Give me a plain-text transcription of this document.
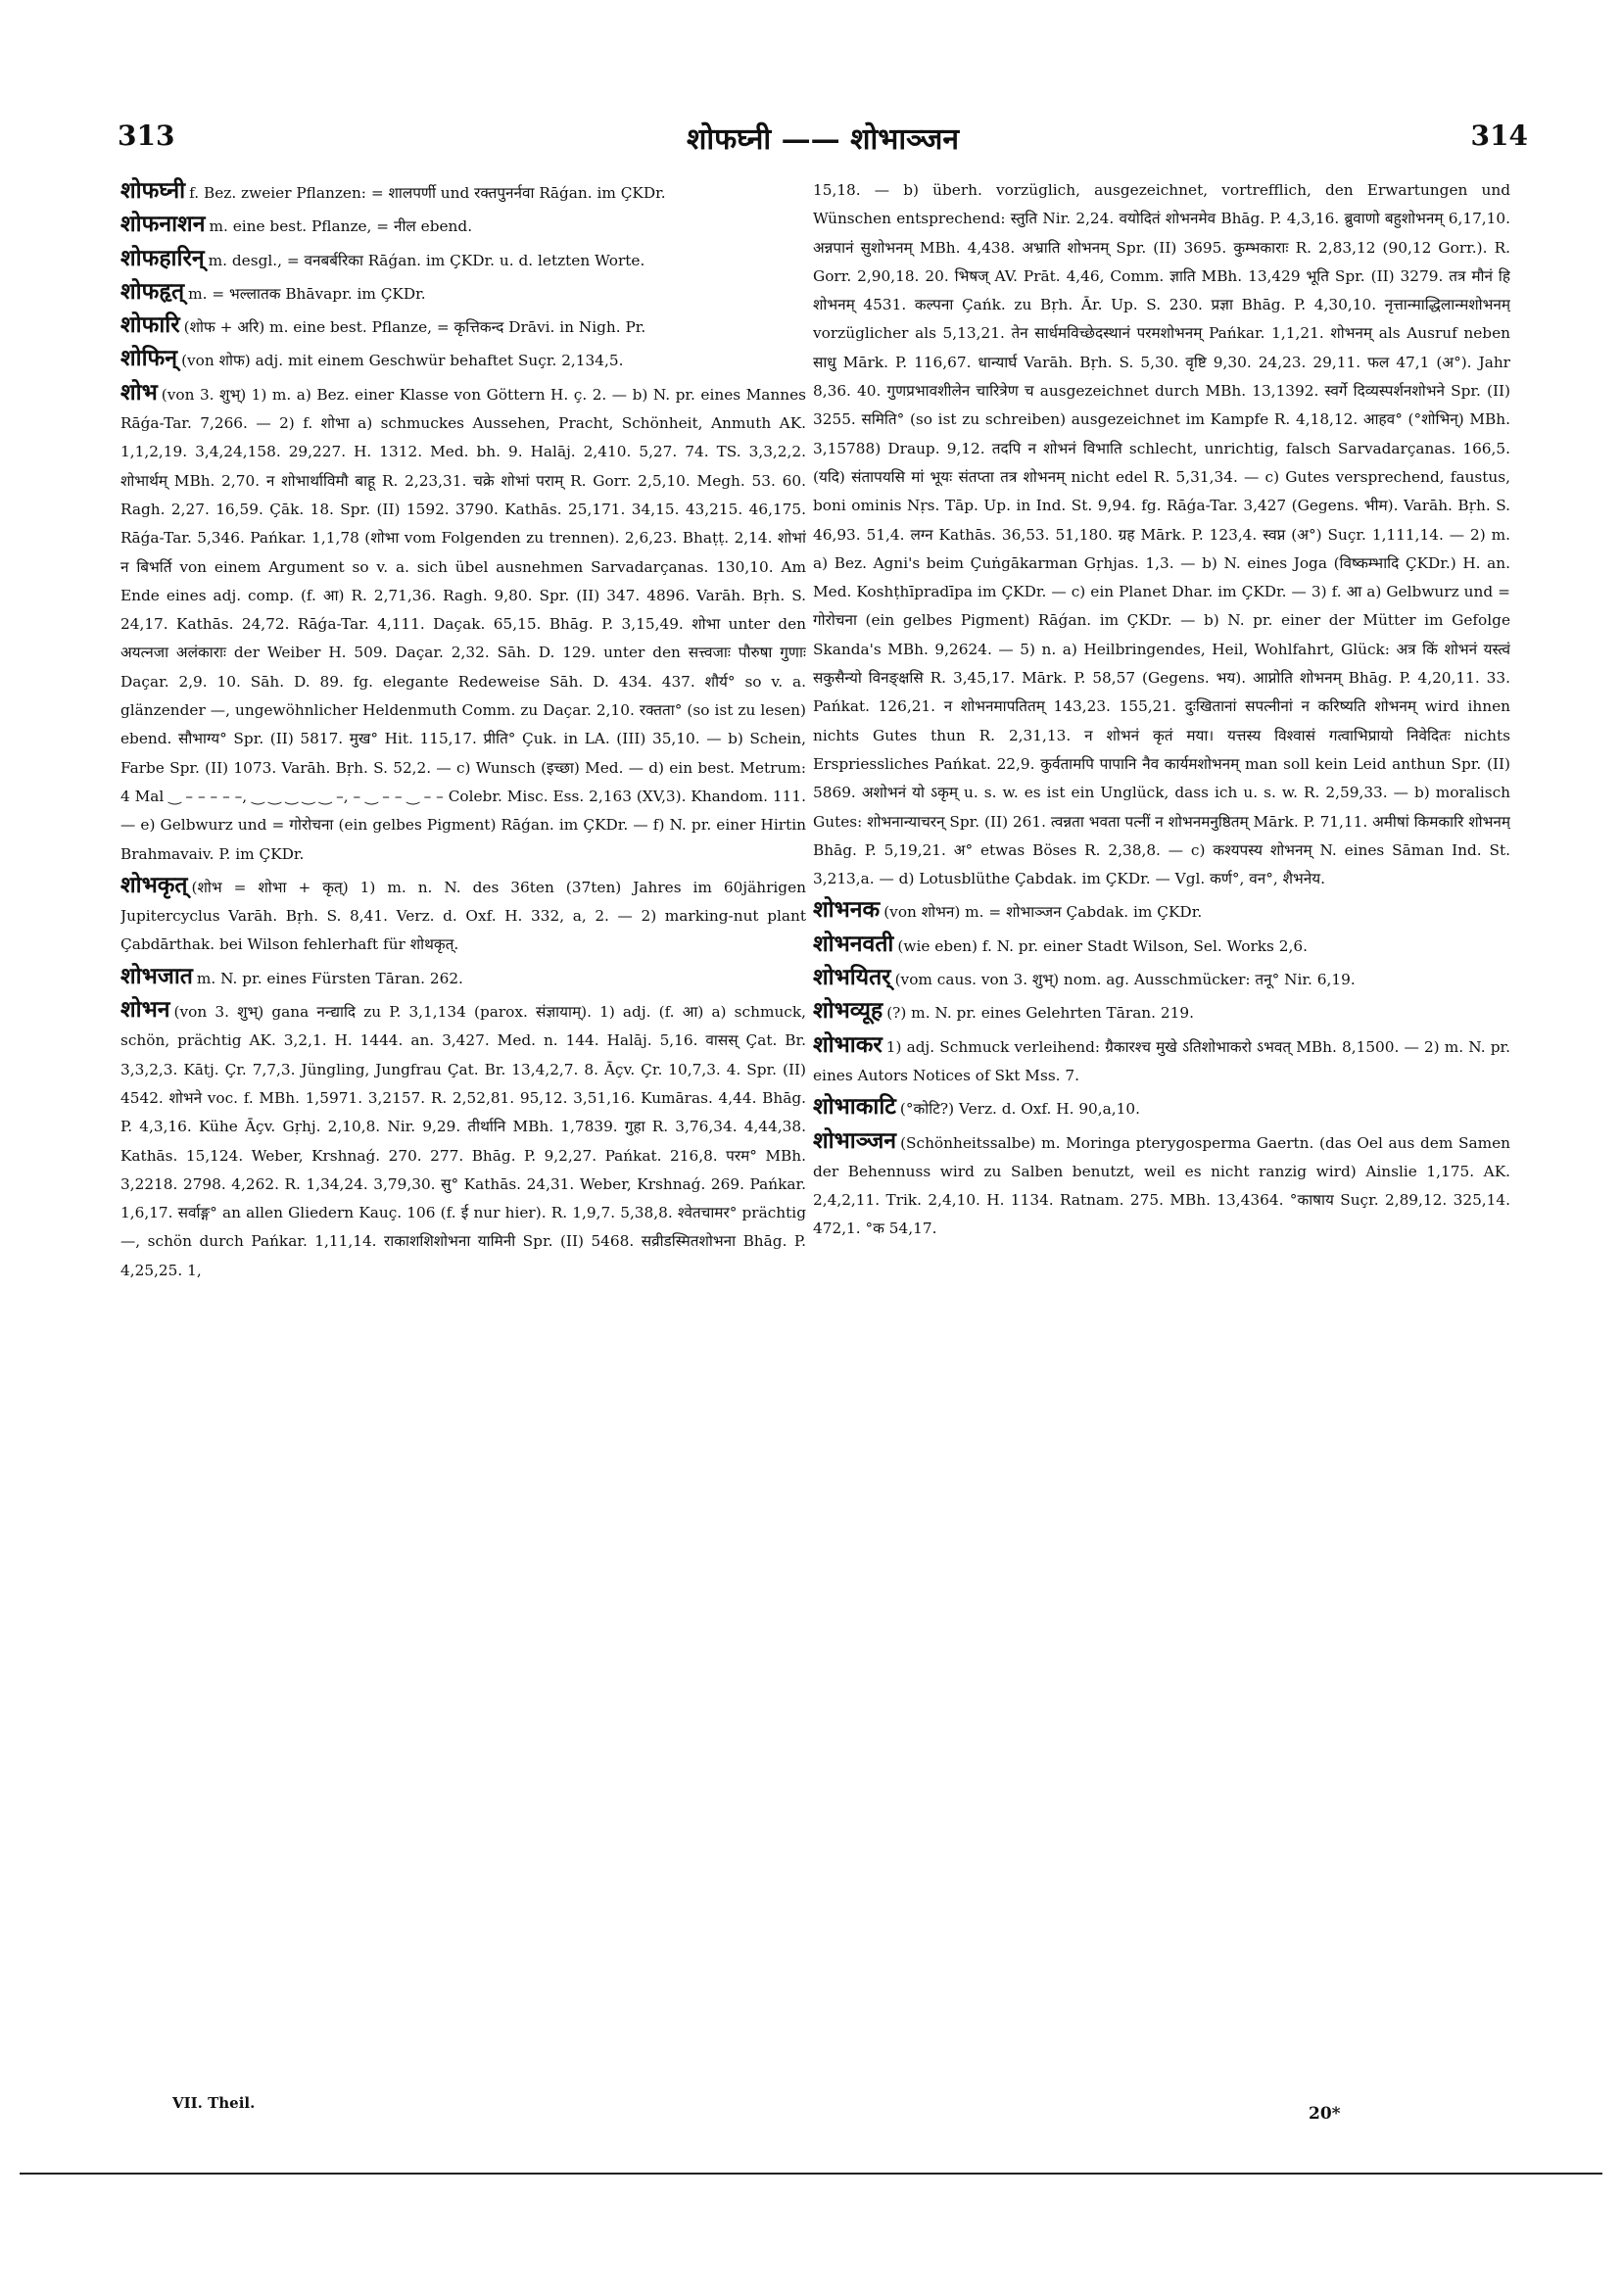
313	शोफघ्नी —— शोभाञ्जन	314

शोफघ्नी f. Bez. zweier Pflanzen: = शालपर्णी und रक्तपुनर्नवा Rāǵan. im ÇKDr.

शोफनाशन m. eine best. Pflanze, = नील ebend.

शोफहारिन् m. desgl., = वनबर्बरिका Rāǵan. im ÇKDr. u. d. letzten Worte.

शोफहृत् m. = भल्लातक Bhāvapr. im ÇKDr.

शोफारि (शोफ + अरि) m. eine best. Pflanze, = कृत्तिकन्द Drāvi. in Nigh. Pr.

शोफिन् (von शोफ) adj. mit einem Geschwür behaftet Suçr. 2,134,5.

शोभ (von 3. शुभ्) 1) m. a) Bez. einer Klasse von Göttern H. ç. 2. — b) N. pr. eines Mannes Rāǵa-Tar. 7,266. — 2) f. शोभा a) schmuckes Aussehen, Pracht, Schönheit, Anmuth AK. 1,1,2,19. 3,4,24,158. 29,227. H. 1312. Med. bh. 9. Halāj. 2,410. 5,27. 74. TS. 3,3,2,2. शोभार्थम् MBh. 2,70. न शोभार्थाविमौ बाहू R. 2,23,31. चक्रे शोभां पराम् R. Gorr. 2,5,10. Megh. 53. 60. Ragh. 2,27. 16,59. Çāk. 18. Spr. (II) 1592. 3790. Kathās. 25,171. 34,15. 43,215. 46,175. Rāǵa-Tar. 5,346. Pańkar. 1,1,78 (शोभा vom Folgenden zu trennen). 2,6,23. Bhaṭṭ. 2,14. शोभां न बिभर्ति von einem Argument so v. a. sich übel ausnehmen Sarvadarçanas. 130,10. Am Ende eines adj. comp. (f. आ) R. 2,71,36. Ragh. 9,80. Spr. (II) 347. 4896. Varāh. Bṛh. S. 24,17. Kathās. 24,72. Rāǵa-Tar. 4,111. Daçak. 65,15. Bhāg. P. 3,15,49. शोभा unter den अयत्नजा अलंकाराः der Weiber H. 509. Daçar. 2,32. Sāh. D. 129. unter den सत्त्वजाः पौरुषा गुणाः Daçar. 2,9. 10. Sāh. D. 89. fg. elegante Redeweise Sāh. D. 434. 437. शौर्य° so v. a. glänzender —, ungewöhnlicher Heldenmuth Comm. zu Daçar. 2,10. रक्तता° (so ist zu lesen) ebend. सौभाग्य° Spr. (II) 5817. मुख° Hit. 115,17. प्रीति° Çuk. in LA. (III) 35,10. — b) Schein, Farbe Spr. (II) 1073. Varāh. Bṛh. S. 52,2. — c) Wunsch (इच्छा) Med. — d) ein best. Metrum: 4 Mal ‿ – – – – –, ‿ ‿ ‿ ‿ ‿ –, – ‿ – – ‿ – – Colebr. Misc. Ess. 2,163 (XV,3). Khandom. 111. — e) Gelbwurz und = गोरोचना (ein gelbes Pigment) Rāǵan. im ÇKDr. — f) N. pr. einer Hirtin Brahmavaiv. P. im ÇKDr.

शोभकृत् (शोभ = शोभा + कृत्) 1) m. n. N. des 36ten (37ten) Jahres im 60jährigen Jupitercyclus Varāh. Bṛh. S. 8,41. Verz. d. Oxf. H. 332, a, 2. — 2) marking-nut plant Çabdārthak. bei Wilson fehlerhaft für शोथकृत्.

शोभजात m. N. pr. eines Fürsten Tāran. 262.

शोभन (von 3. शुभ्) gana नन्द्यादि zu P. 3,1,134 (parox. संज्ञायाम्). 1) adj. (f. आ) a) schmuck, schön, prächtig AK. 3,2,1. H. 1444. an. 3,427. Med. n. 144. Halāj. 5,16. वासस् Çat. Br. 3,3,2,3. Kātj. Çr. 7,7,3. Jüngling, Jungfrau Çat. Br. 13,4,2,7. 8. Āçv. Çr. 10,7,3. 4. Spr. (II) 4542. शोभने voc. f. MBh. 1,5971. 3,2157. R. 2,52,81. 95,12. 3,51,16. Kumāras. 4,44. Bhāg. P. 4,3,16. Kühe Āçv. Gṛhj. 2,10,8. Nir. 9,29. तीर्थानि MBh. 1,7839. गुहा R. 3,76,34. 4,44,38. Kathās. 15,124. Weber, Krshnaǵ. 270. 277. Bhāg. P. 9,2,27. Pańkat. 216,8. परम° MBh. 3,2218. 2798. 4,262. R. 1,34,24. 3,79,30. सु° Kathās. 24,31. Weber, Krshnaǵ. 269. Pańkar. 1,6,17. सर्वाङ्ग° an allen Gliedern Kauç. 106 (f. ई nur hier). R. 1,9,7. 5,38,8. श्वेतचामर° prächtig —, schön durch Pańkar. 1,11,14. राकाशशिशोभना यामिनी Spr. (II) 5468. सव्रीडस्मितशोभना Bhāg. P. 4,25,25. 1,

15,18. — b) überh. vorzüglich, ausgezeichnet, vortrefflich, den Erwartungen und Wünschen entsprechend: स्तुति Nir. 2,24. वयोदितं शोभनमेव Bhāg. P. 4,3,16. ब्रुवाणो बहुशोभनम् 6,17,10. अन्नपानं सुशोभनम् MBh. 4,438. अभ्राति शोभनम् Spr. (II) 3695. कुम्भकाराः R. 2,83,12 (90,12 Gorr.). R. Gorr. 2,90,18. 20. भिषज् AV. Prāt. 4,46, Comm. ज्ञाति MBh. 13,429 भूति Spr. (II) 3279. तत्र मौनं हि शोभनम् 4531. कल्पना Çańk. zu Bṛh. Ār. Up. S. 230. प्रज्ञा Bhāg. P. 4,30,10. नृत्तान्माद्धिलान्मशोभनम् vorzüglicher als 5,13,21. तेन सार्धमविच्छेदस्थानं परमशोभनम् Pańkar. 1,1,21. शोभनम् als Ausruf neben साधु Mārk. P. 116,67. धान्यार्घ Varāh. Bṛh. S. 5,30. वृष्टि 9,30. 24,23. 29,11. फल 47,1 (अ°). Jahr 8,36. 40. गुणप्रभावशीलेन चारित्रेण च ausgezeichnet durch MBh. 13,1392. स्वर्गे दिव्यस्पर्शनशोभने Spr. (II) 3255. समिति° (so ist zu schreiben) ausgezeichnet im Kampfe R. 4,18,12. आहव° (°शोभिन्) MBh. 3,15788) Draup. 9,12. तदपि न शोभनं विभाति schlecht, unrichtig, falsch Sarvadarçanas. 166,5. (यदि) संतापयसि मां भूयः संतप्ता तत्र शोभनम् nicht edel R. 5,31,34. — c) Gutes versprechend, faustus, boni ominis Nṛs. Tāp. Up. in Ind. St. 9,94. fg. Rāǵa-Tar. 3,427 (Gegens. भीम). Varāh. Bṛh. S. 46,93. 51,4. लग्न Kathās. 36,53. 51,180. ग्रह Mārk. P. 123,4. स्वप्न (अ°) Suçr. 1,111,14. — 2) m. a) Bez. Agni's beim Çuṅgākarman Gṛhjas. 1,3. — b) N. eines Joga (विष्कम्भादि ÇKDr.) H. an. Med. Koshṭhīpradīpa im ÇKDr. — c) ein Planet Dhar. im ÇKDr. — 3) f. आ a) Gelbwurz und = गोरोचना (ein gelbes Pigment) Rāǵan. im ÇKDr. — b) N. pr. einer der Mütter im Gefolge Skanda's MBh. 9,2624. — 5) n. a) Heilbringendes, Heil, Wohlfahrt, Glück: अत्र किं शोभनं यस्त्वं सकुसैन्यो विनङ्क्षसि R. 3,45,17. Mārk. P. 58,57 (Gegens. भय). आप्नोति शोभनम् Bhāg. P. 4,20,11. 33. Pańkat. 126,21. न शोभनमापतितम् 143,23. 155,21. दुःखितानां सपत्नीनां न करिष्यति शोभनम् wird ihnen nichts Gutes thun R. 2,31,13. न शोभनं कृतं मया। यत्तस्य विश्वासं गत्वाभिप्रायो निवेदितः nichts Erspriessliches Pańkat. 22,9. कुर्वतामपि पापानि नैव कार्यमशोभनम् man soll kein Leid anthun Spr. (II) 5869. अशोभनं यो ऽकृम् u. s. w. es ist ein Unglück, dass ich u. s. w. R. 2,59,33. — b) moralisch Gutes: शोभनान्याचरन् Spr. (II) 261. त्वन्नता भवता पत्नीं न शोभनमनुष्ठितम् Mārk. P. 71,11. अमीषां किमकारि शोभनम् Bhāg. P. 5,19,21. अ° etwas Böses R. 2,38,8. — c) कश्यपस्य शोभनम् N. eines Sāman Ind. St. 3,213,a. — d) Lotusblüthe Çabdak. im ÇKDr. — Vgl. कर्ण°, वन°, शैभनेय.

शोभनक (von शोभन) m. = शोभाञ्जन Çabdak. im ÇKDr.

शोभनवती (wie eben) f. N. pr. einer Stadt Wilson, Sel. Works 2,6.

शोभयितर् (vom caus. von 3. शुभ्) nom. ag. Ausschmücker: तनू° Nir. 6,19.

शोभव्यूह (?) m. N. pr. eines Gelehrten Tāran. 219.

शोभाकर 1) adj. Schmuck verleihend: ग्रैकारश्च मुखे ऽतिशोभाकरो ऽभवत् MBh. 8,1500. — 2) m. N. pr. eines Autors Notices of Skt Mss. 7.

शोभाकाटि (°कोटि?) Verz. d. Oxf. H. 90,a,10.

शोभाञ्जन (Schönheitssalbe) m. Moringa pterygosperma Gaertn. (das Oel aus dem Samen der Behennuss wird zu Salben benutzt, weil es nicht ranzig wird) Ainslie 1,175. AK. 2,4,2,11. Trik. 2,4,10. H. 1134. Ratnam. 275. MBh. 13,4364. °काषाय Suçr. 2,89,12. 325,14. 472,1. °क 54,17.

VII. Theil.
20*
